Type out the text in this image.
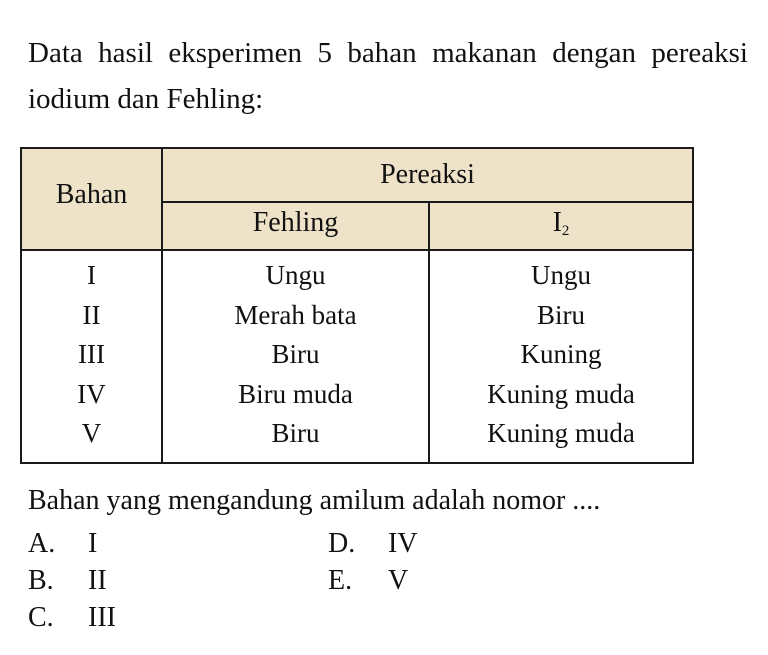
Data hasil eksperimen 5 bahan makanan dengan pereaksi iodium dan Fehling:

Bahan
Pereaksi
Fehling	$I_2$
I
II
III
IV
V
Ungu
Merah bata
Biru
Biru muda
Biru
Ungu
Biru
Kuning
Kuning muda
Kuning muda

Bahan yang mengandung amilum adalah nomor ....

A. I
B. II
C. III
D. IV
E. V
